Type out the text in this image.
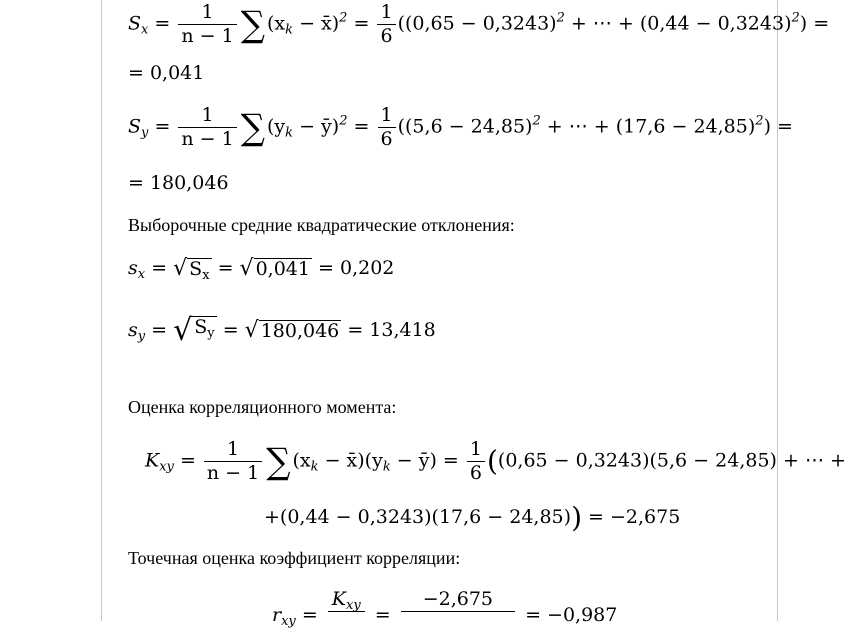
$S_x = \frac{1}{n - 1}$ ∑ ($x_k$ − x̄)$^2$ = $\frac{1}{6} ((0,65 - 0,3243)^2$ + ⋯ + $(0,44 - 0,3243)^2$) =
= 0,041
$S_y = \frac{1}{n - 1}$ ∑ ($y_k$ − ȳ)$^2$ = $\frac{1}{6} ((5,6 - 24,85)^2$ + ⋯ + $(17,6 - 24,85)^2$) =
= 180,046
Выборочные средние квадратические отклонения:
$s_x$ = √ $S_x$ = √ 0,041 = 0,202
$s_y$ = √ $S_y$ = √ 180,046 = 13,418
Оценка корреляционного момента:
$K_{xy} = \frac{1}{n - 1}$ ∑ ($x_k$ − $x̄)(y_k$ − ȳ) = $\frac{1}{6} ((0,65 - 0,3243)(5,6 - 24,85)$ + ⋯ +
+(0,44 − 0,3243)(17,6 − 24,85)) = −2,675
Точечная оценка коэффициент корреляции:
$r_{xy}$ =
$K_{xy}$ =
−2,675
= −0,987
